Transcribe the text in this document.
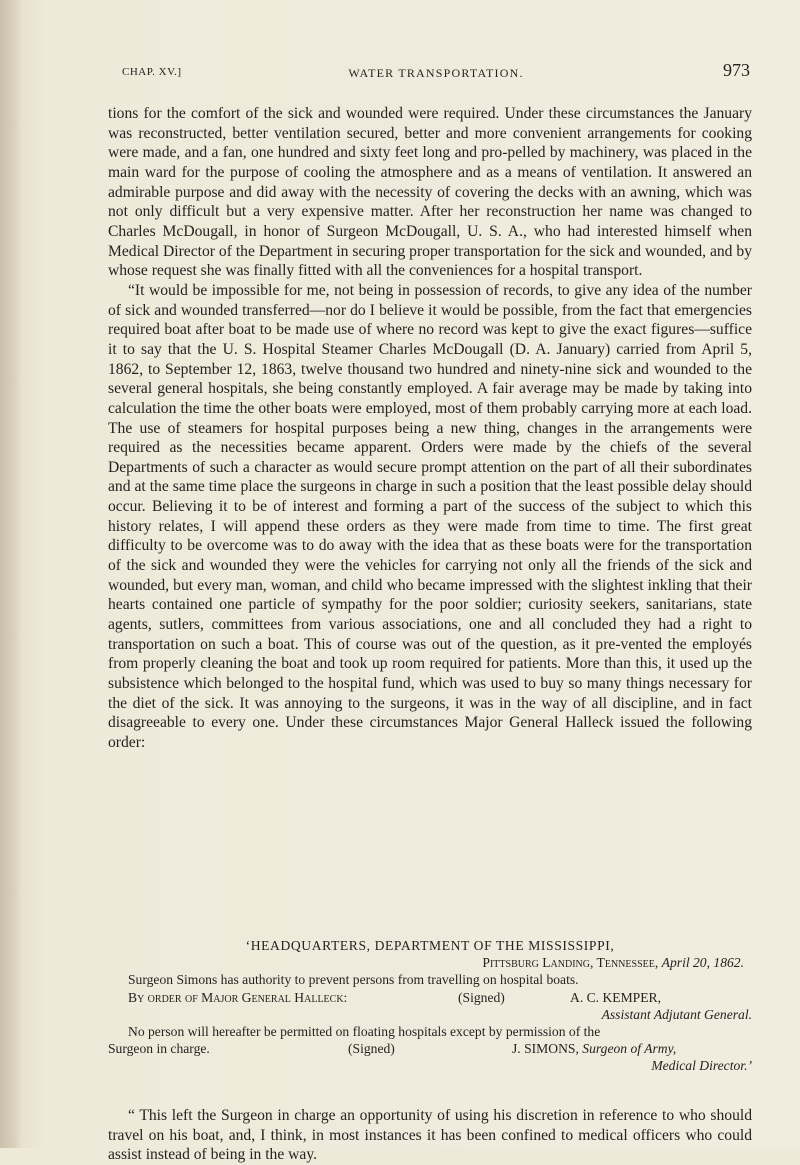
CHAP. XV.]	WATER TRANSPORTATION.	973

tions for the comfort of the sick and wounded were required. Under these circumstances the January was reconstructed, better ventilation secured, better and more convenient arrangements for cooking were made, and a fan, one hundred and sixty feet long and pro-pelled by machinery, was placed in the main ward for the purpose of cooling the atmosphere and as a means of ventilation. It answered an admirable purpose and did away with the necessity of covering the decks with an awning, which was not only difficult but a very expensive matter. After her reconstruction her name was changed to Charles McDougall, in honor of Surgeon McDougall, U. S. A., who had interested himself when Medical Director of the Department in securing proper transportation for the sick and wounded, and by whose request she was finally fitted with all the conveniences for a hospital transport.

“It would be impossible for me, not being in possession of records, to give any idea of the number of sick and wounded transferred—nor do I believe it would be possible, from the fact that emergencies required boat after boat to be made use of where no record was kept to give the exact figures—suffice it to say that the U. S. Hospital Steamer Charles McDougall (D. A. January) carried from April 5, 1862, to September 12, 1863, twelve thousand two hundred and ninety-nine sick and wounded to the several general hospitals, she being constantly employed. A fair average may be made by taking into calculation the time the other boats were employed, most of them probably carrying more at each load. The use of steamers for hospital purposes being a new thing, changes in the arrangements were required as the necessities became apparent. Orders were made by the chiefs of the several Departments of such a character as would secure prompt attention on the part of all their subordinates and at the same time place the surgeons in charge in such a position that the least possible delay should occur. Believing it to be of interest and forming a part of the success of the subject to which this history relates, I will append these orders as they were made from time to time. The first great difficulty to be overcome was to do away with the idea that as these boats were for the transportation of the sick and wounded they were the vehicles for carrying not only all the friends of the sick and wounded, but every man, woman, and child who became impressed with the slightest inkling that their hearts contained one particle of sympathy for the poor soldier; curiosity seekers, sanitarians, state agents, sutlers, committees from various associations, one and all concluded they had a right to transportation on such a boat. This of course was out of the question, as it pre-vented the employés from properly cleaning the boat and took up room required for patients. More than this, it used up the subsistence which belonged to the hospital fund, which was used to buy so many things necessary for the diet of the sick. It was annoying to the surgeons, it was in the way of all discipline, and in fact disagreeable to every one. Under these circumstances Major General Halleck issued the following order:

‘HEADQUARTERS, DEPARTMENT OF THE MISSISSIPPI,
Pittsburg Landing, Tennessee, April 20, 1862.
Surgeon Simons has authority to prevent persons from travelling on hospital boats.
By order of Major General Halleck:	(Signed)	A. C. KEMPER,
Assistant Adjutant General.
No person will hereafter be permitted on floating hospitals except by permission of the
Surgeon in charge.	(Signed)	J. SIMONS, Surgeon of Army,
Medical Director.’

“ This left the Surgeon in charge an opportunity of using his discretion in reference to who should travel on his boat, and, I think, in most instances it has been confined to medical officers who could assist instead of being in the way.
